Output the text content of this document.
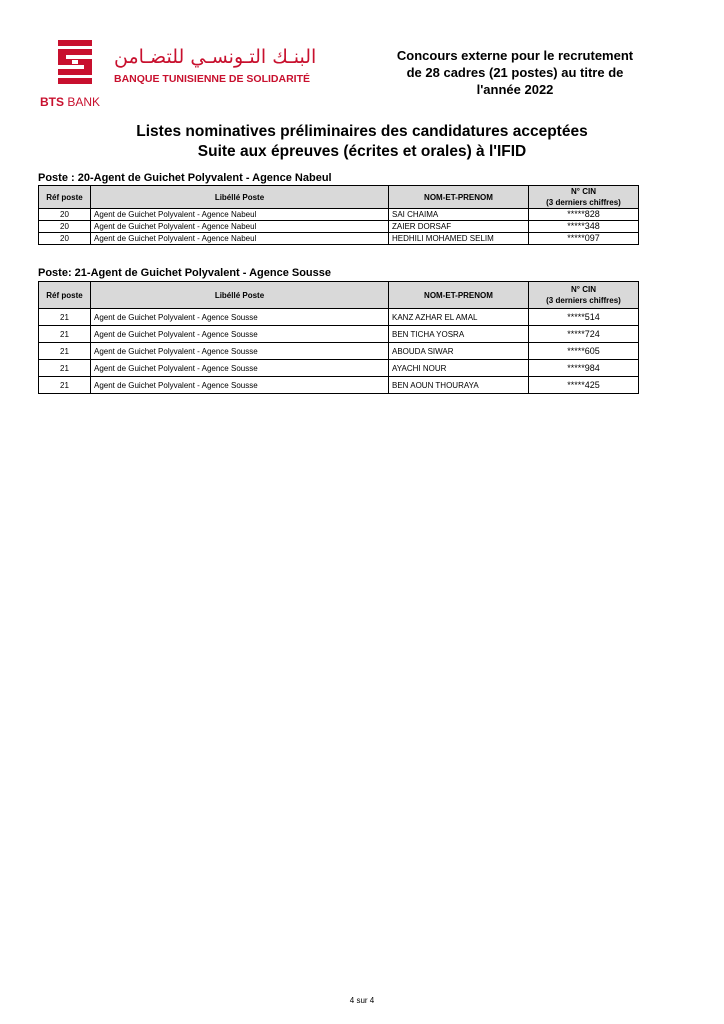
البنـك التـونسـي للتضـامن
BANQUE TUNISIENNE DE SOLIDARITÉ
BTS BANK
Concours externe pour le recrutement
de 28 cadres (21 postes) au titre de
l'année 2022
Listes nominatives préliminaires des candidatures acceptées
Suite aux épreuves (écrites et orales) à l'IFID
Poste : 20-Agent de Guichet Polyvalent - Agence Nabeul
Réf poste	Libéllé Poste	NOM-ET-PRENOM	N° CIN
(3 derniers chiffres)

20	Agent de Guichet Polyvalent - Agence Nabeul	SAI CHAIMA	*****828
20	Agent de Guichet Polyvalent - Agence Nabeul	ZAIER DORSAF	*****348
20	Agent de Guichet Polyvalent - Agence Nabeul	HEDHILI MOHAMED SELIM	*****097
Poste: 21-Agent de Guichet Polyvalent - Agence Sousse
Réf poste	Libéllé Poste	NOM-ET-PRENOM	N° CIN
(3 derniers chiffres)

21	Agent de Guichet Polyvalent - Agence Sousse	KANZ AZHAR EL AMAL	*****514
21	Agent de Guichet Polyvalent - Agence Sousse	BEN TICHA YOSRA	*****724
21	Agent de Guichet Polyvalent - Agence Sousse	ABOUDA SIWAR	*****605
21	Agent de Guichet Polyvalent - Agence Sousse	AYACHI NOUR	*****984
21	Agent de Guichet Polyvalent - Agence Sousse	BEN AOUN THOURAYA	*****425
4 sur 4
